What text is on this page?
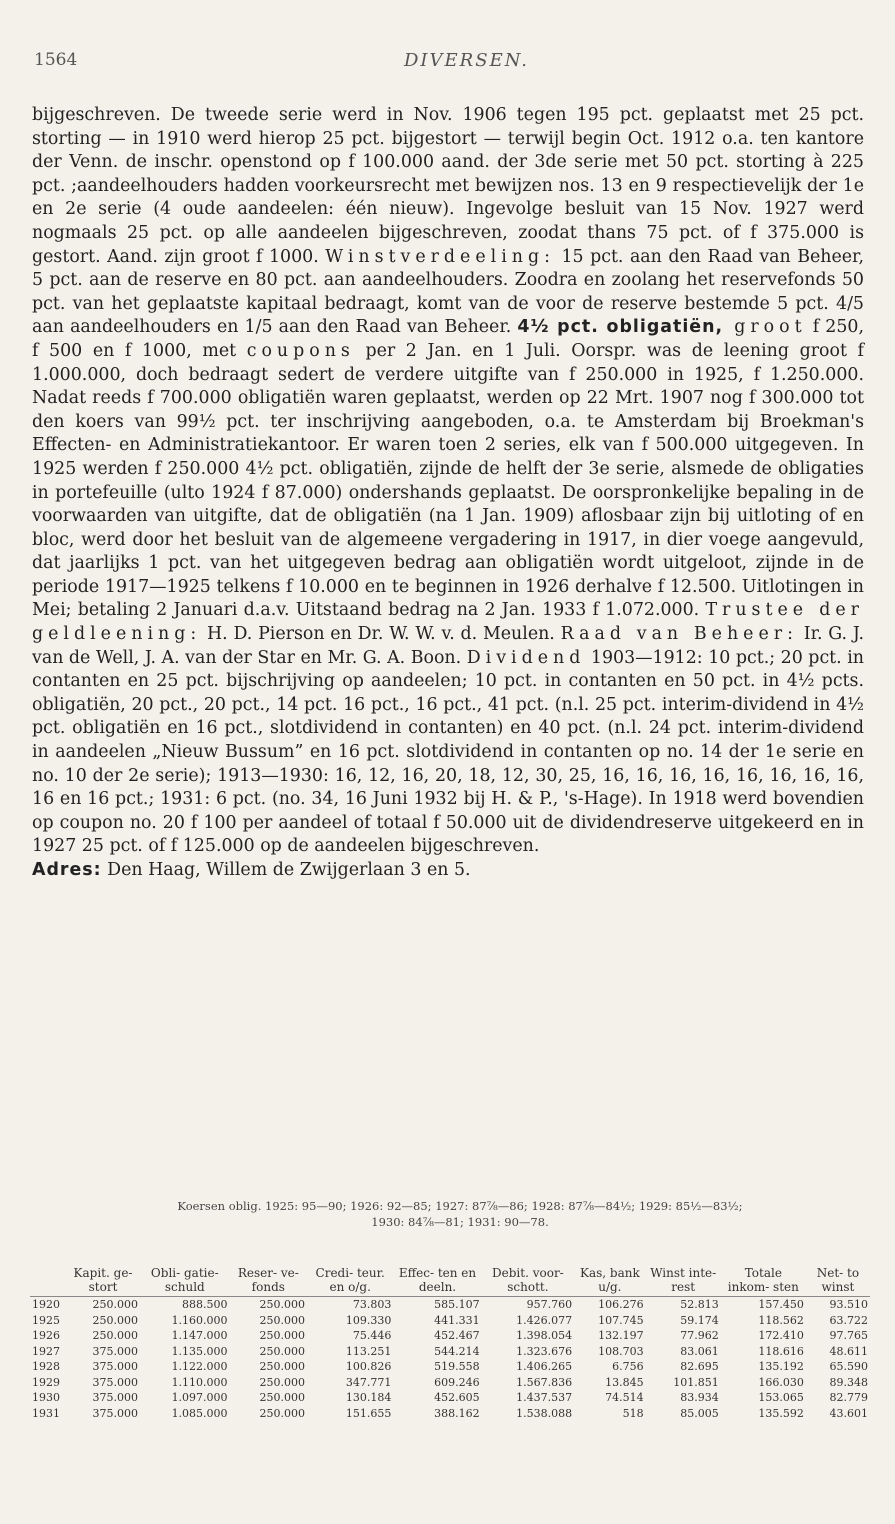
1564	DIVERSEN.

bijgeschreven. De tweede serie werd in Nov. 1906 tegen 195 pct. geplaatst met 25 pct. storting — in 1910 werd hierop 25 pct. bijgestort — terwijl begin Oct. 1912 o.a. ten kantore der Venn. de inschr. openstond op f 100.000 aand. der 3de serie met 50 pct. storting à 225 pct. ;aandeelhouders hadden voorkeursrecht met bewijzen nos. 13 en 9 respectievelijk der 1e en 2e serie (4 oude aandeelen: één nieuw). Ingevolge besluit van 15 Nov. 1927 werd nogmaals 25 pct. op alle aandeelen bijgeschreven, zoodat thans 75 pct. of f 375.000 is gestort. Aand. zijn groot f 1000. Winstverdeeling: 15 pct. aan den Raad van Beheer, 5 pct. aan de reserve en 80 pct. aan aandeelhouders. Zoodra en zoolang het reservefonds 50 pct. van het geplaatste kapitaal bedraagt, komt van de voor de reserve bestemde 5 pct. 4/5 aan aandeelhouders en 1/5 aan den Raad van Beheer. 4½ pct. obligatiën, groot f 250, f 500 en f 1000, met coupons per 2 Jan. en 1 Juli. Oorspr. was de leening groot f 1.000.000, doch bedraagt sedert de verdere uitgifte van f 250.000 in 1925, f 1.250.000. Nadat reeds f 700.000 obligatiën waren geplaatst, werden op 22 Mrt. 1907 nog f 300.000 tot den koers van 99½ pct. ter inschrijving aangeboden, o.a. te Amsterdam bij Broekman's Effecten- en Administratiekantoor. Er waren toen 2 series, elk van f 500.000 uitgegeven. In 1925 werden f 250.000 4½ pct. obligatiën, zijnde de helft der 3e serie, alsmede de obligaties in portefeuille (ulto 1924 f 87.000) ondershands geplaatst. De oorspronkelijke bepaling in de voorwaarden van uitgifte, dat de obligatiën (na 1 Jan. 1909) aflosbaar zijn bij uitloting of en bloc, werd door het besluit van de algemeene vergadering in 1917, in dier voege aangevuld, dat jaarlijks 1 pct. van het uitgegeven bedrag aan obligatiën wordt uitgeloot, zijnde in de periode 1917—1925 telkens f 10.000 en te beginnen in 1926 derhalve f 12.500. Uitlotingen in Mei; betaling 2 Januari d.a.v. Uitstaand bedrag na 2 Jan. 1933 f 1.072.000. Trustee der geldleening: H. D. Pierson en Dr. W. W. v. d. Meulen. Raad van Beheer: Ir. G. J. van de Well, J. A. van der Star en Mr. G. A. Boon. Dividend 1903—1912: 10 pct.; 20 pct. in contanten en 25 pct. bijschrijving op aandeelen; 10 pct. in contanten en 50 pct. in 4½ pcts. obligatiën, 20 pct., 20 pct., 14 pct. 16 pct., 16 pct., 41 pct. (n.l. 25 pct. interim-dividend in 4½ pct. obligatiën en 16 pct., slotdividend in contanten) en 40 pct. (n.l. 24 pct. interim-dividend in aandeelen „Nieuw Bussum” en 16 pct. slotdividend in contanten op no. 14 der 1e serie en no. 10 der 2e serie); 1913—1930: 16, 12, 16, 20, 18, 12, 30, 25, 16, 16, 16, 16, 16, 16, 16, 16, 16 en 16 pct.; 1931: 6 pct. (no. 34, 16 Juni 1932 bij H. & P., 's-Hage). In 1918 werd bovendien op coupon no. 20 f 100 per aandeel of totaal f 50.000 uit de dividendreserve uitgekeerd en in 1927 25 pct. of f 125.000 op de aandeelen bijgeschreven.

Adres: Den Haag, Willem de Zwijgerlaan 3 en 5.

Koersen oblig. 1925: 95—90; 1926: 92—85; 1927: 87⅞—86; 1928: 87⅞—84½; 1929: 85½—83½;
1930: 84⅞—81; 1931: 90—78.
	Kapit. ge- stort	Obli- gatie- schuld	Reser- ve- fonds	Credi- teur. en o/g.	Effec- ten en deeln.	Debit. voor- schott.	Kas, bank u/g.	Winst inte- rest	Totale inkom- sten	Net- to winst
1920	250.000	888.500	250.000	73.803	585.107	957.760	106.276	52.813	157.450	93.510
1925	250.000	1.160.000	250.000	109.330	441.331	1.426.077	107.745	59.174	118.562	63.722
1926	250.000	1.147.000	250.000	75.446	452.467	1.398.054	132.197	77.962	172.410	97.765
1927	375.000	1.135.000	250.000	113.251	544.214	1.323.676	108.703	83.061	118.616	48.611
1928	375.000	1.122.000	250.000	100.826	519.558	1.406.265	6.756	82.695	135.192	65.590
1929	375.000	1.110.000	250.000	347.771	609.246	1.567.836	13.845	101.851	166.030	89.348
1930	375.000	1.097.000	250.000	130.184	452.605	1.437.537	74.514	83.934	153.065	82.779
1931	375.000	1.085.000	250.000	151.655	388.162	1.538.088	518	85.005	135.592	43.601
